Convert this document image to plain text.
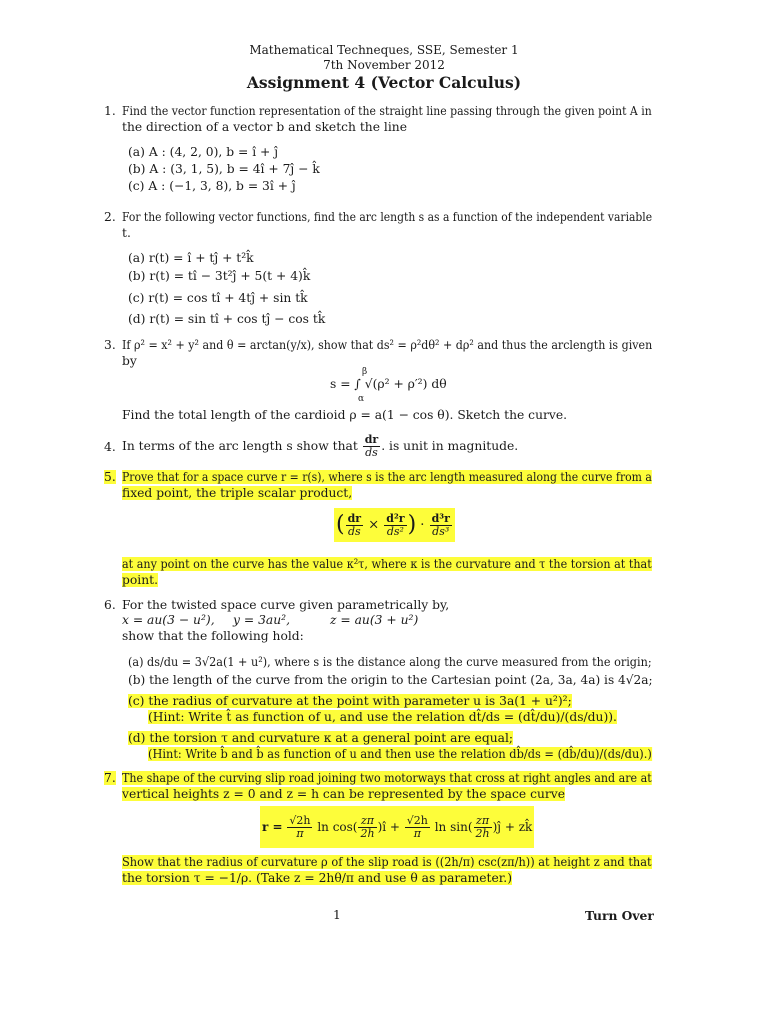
Mathematical Techneques, SSE, Semester 1
7th November 2012
Assignment 4 (Vector Calculus)
1. Find the vector function representation of the straight line passing through the given point A in
the direction of a vector b and sketch the line
(a) A : (4, 2, 0), b = î + ĵ
(b) A : (3, 1, 5), b = 4î + 7ĵ − k̂
(c) A : (−1, 3, 8), b = 3î + ĵ
2. For the following vector functions, find the arc length s as a function of the independent variable
t.
(a) r(t) = î + tĵ + t²k̂
(b) r(t) = tî − 3t²ĵ + 5(t + 4)k̂
(c) r(t) = cos tî + 4tĵ + sin tk̂
(d) r(t) = sin tî + cos tĵ − cos tk̂
3. If ρ² = x² + y² and θ = arctan(y/x), show that ds² = ρ²dθ² + dρ² and thus the arclength is given
by
s = ∫ √(ρ² + ρ′²) dθ
β
α
Find the total length of the cardioid ρ = a(1 − cos θ). Sketch the curve.
4. In terms of the arc length s show that $\frac{dr}{ds}$ . is unit in magnitude.
5. Prove that for a space curve r = r(s), where s is the arc length measured along the curve from a
fixed point, the triple scalar product,
( $\frac{dr}{ds} \times \frac{\text{d²r}}{\text{ds²}}$ ) · $\frac{\text{d³r}}{\text{ds³}}$
at any point on the curve has the value κ²τ, where κ is the curvature and τ the torsion at that
point.
6. For the twisted space curve given parametrically by,
x = au(3 − u²), y = 3au²,	z = au(3 + u²)
show that the following hold:
(a) ds/du = 3√2a(1 + u²), where s is the distance along the curve measured from the origin;
(b) the length of the curve from the origin to the Cartesian point (2a, 3a, 4a) is 4√2a;
(c) the radius of curvature at the point with parameter u is 3a(1 + u²)²;
(Hint: Write t̂ as function of u, and use the relation dt̂/ds = (dt̂/du)/(ds/du)).
(d) the torsion τ and curvature κ at a general point are equal;
(Hint: Write b̂ and b̂ as function of u and then use the relation db̂/ds = (db̂/du)/(ds/du).)
7. The shape of the curving slip road joining two motorways that cross at right angles and are at
vertical heights z = 0 and z = h can be represented by the space curve
$r = \frac{√2h}{\pi}$ $\ln \cos( \frac{z\pi}{2h}$ )î + $\frac{√2h}{\pi}$ $\ln \sin( \frac{z\pi}{2h}$ )ĵ + zk̂
Show that the radius of curvature ρ of the slip road is ((2h/π) csc(zπ/h)) at height z and that
the torsion τ = −1/ρ. (Take z = 2hθ/π and use θ as parameter.)
1	Turn Over
